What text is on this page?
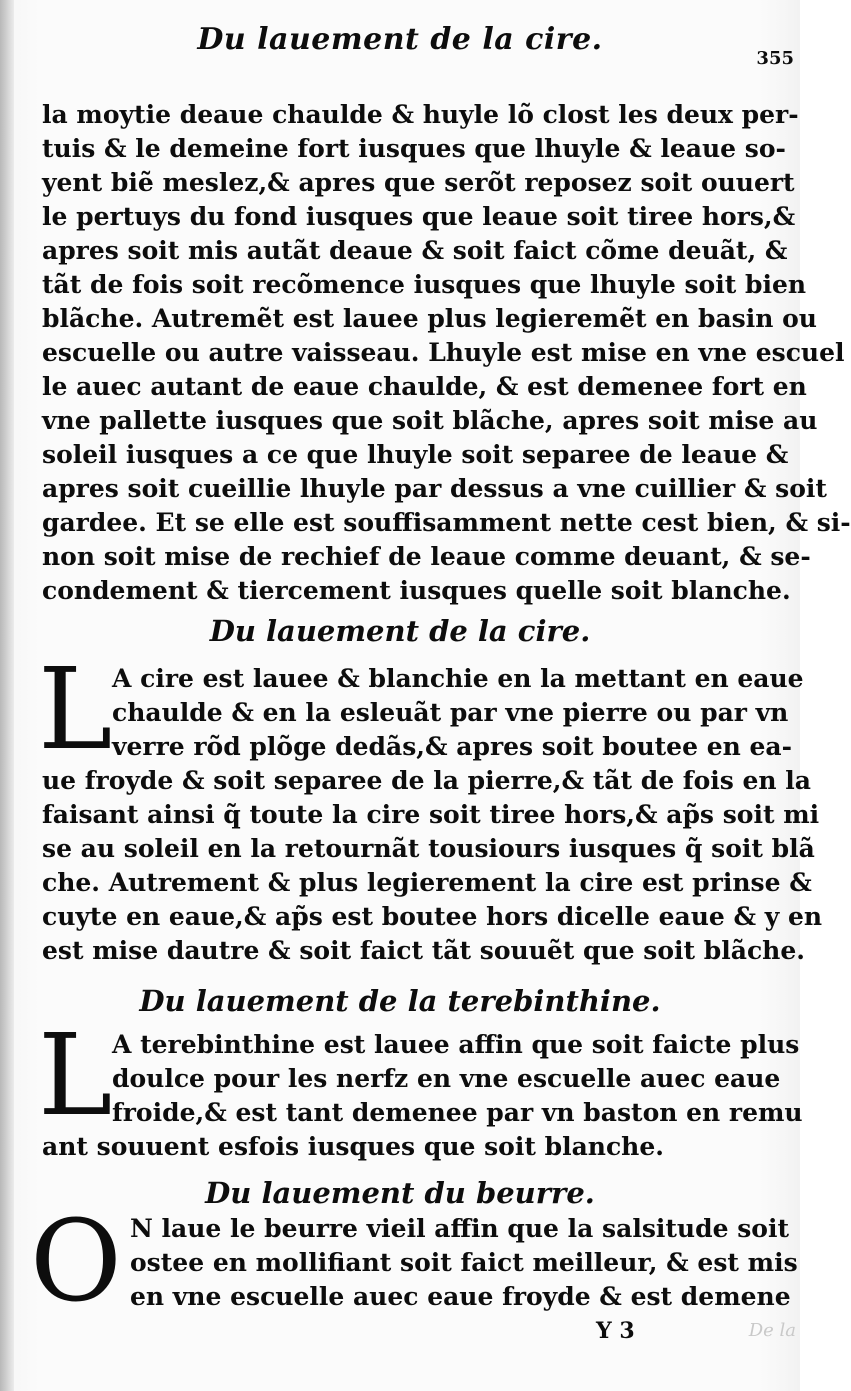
Du lauement de la cire.
355
la moytie deaue chaulde & huyle lõ clost les deux per-
tuis & le demeine fort iusques que lhuyle & leaue so-
yent biẽ meslez,& apres que serõt reposez soit ouuert
le pertuys du fond iusques que leaue soit tiree hors,&
apres soit mis autãt deaue & soit faict cõme deuãt, &
tãt de fois soit recõmence iusques que lhuyle soit bien
blãche. Autremẽt est lauee plus legieremẽt en basin ou
escuelle ou autre vaisseau. Lhuyle est mise en vne escuel
le auec autant de eaue chaulde, & est demenee fort en
vne pallette iusques que soit blãche, apres soit mise au
soleil iusques a ce que lhuyle soit separee de leaue &
apres soit cueillie lhuyle par dessus a vne cuillier & soit
gardee. Et se elle est souffisamment nette cest bien, & si-
non soit mise de rechief de leaue comme deuant, & se-
condement & tiercement iusques quelle soit blanche.
Du lauement de la cire.
L A cire est lauee & blanchie en la mettant en eaue
chaulde & en la esleuãt par vne pierre ou par vn
verre rõd plõge dedãs,& apres soit boutee en ea-
ue froyde & soit separee de la pierre,& tãt de fois en la
faisant ainsi q̃ toute la cire soit tiree hors,& ap̃s soit mi
se au soleil en la retournãt tousiours iusques q̃ soit blã
che. Autrement & plus legierement la cire est prinse &
cuyte en eaue,& ap̃s est boutee hors dicelle eaue & y en
est mise dautre & soit faict tãt souuẽt que soit blãche.
Du lauement de la terebinthine.
L A terebinthine est lauee affin que soit faicte plus
doulce pour les nerfz en vne escuelle auec eaue
froide,& est tant demenee par vn baston en remu
ant souuent esfois iusques que soit blanche.
Du lauement du beurre.
O N laue le beurre vieil affin que la salsitude soit
ostee en mollifiant soit faict meilleur, & est mis
en vne escuelle auec eaue froyde & est demene
Y 3	De la
